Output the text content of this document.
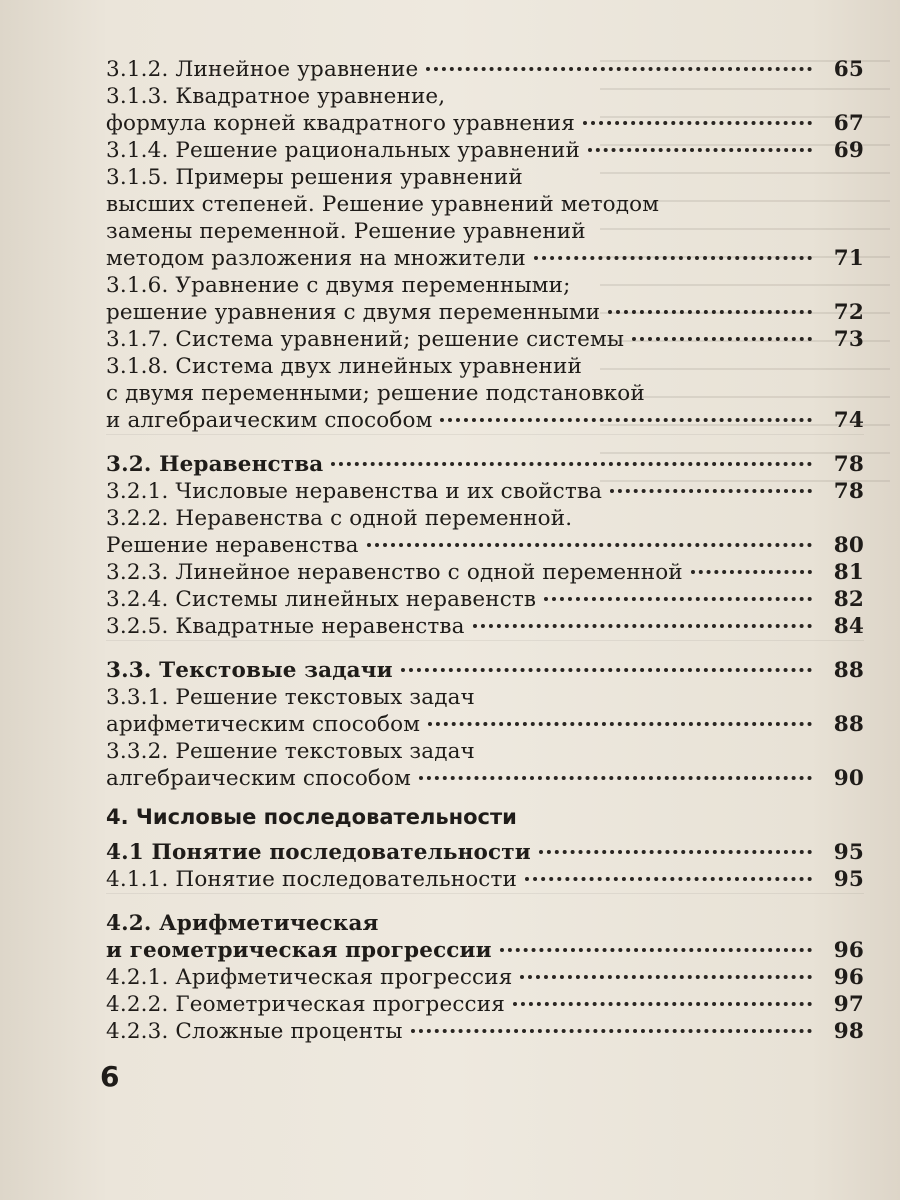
3.1.2. Линейное уравнение	65
3.1.3. Квадратное уравнение,
формула корней квадратного уравнения	67
3.1.4. Решение рациональных уравнений	69
3.1.5. Примеры решения уравнений
высших степеней. Решение уравнений методом
замены переменной. Решение уравнений
методом разложения на множители	71
3.1.6. Уравнение с двумя переменными;
решение уравнения с двумя переменными	72
3.1.7. Система уравнений; решение системы	73
3.1.8. Система двух линейных уравнений
с двумя переменными; решение подстановкой
и алгебраическим способом	74
3.2. Неравенства	78
3.2.1. Числовые неравенства и их свойства	78
3.2.2. Неравенства с одной переменной.
Решение неравенства	80
3.2.3. Линейное неравенство с одной переменной	81
3.2.4. Системы линейных неравенств	82
3.2.5. Квадратные неравенства	84
3.3. Текстовые задачи	88
3.3.1. Решение текстовых задач
арифметическим способом	88
3.3.2. Решение текстовых задач
алгебраическим способом	90
4. Числовые последовательности
4.1 Понятие последовательности	95
4.1.1. Понятие последовательности	95
4.2. Арифметическая
и геометрическая прогрессии	96
4.2.1. Арифметическая прогрессия	96
4.2.2. Геометрическая прогрессия	97
4.2.3. Сложные проценты	98
6
